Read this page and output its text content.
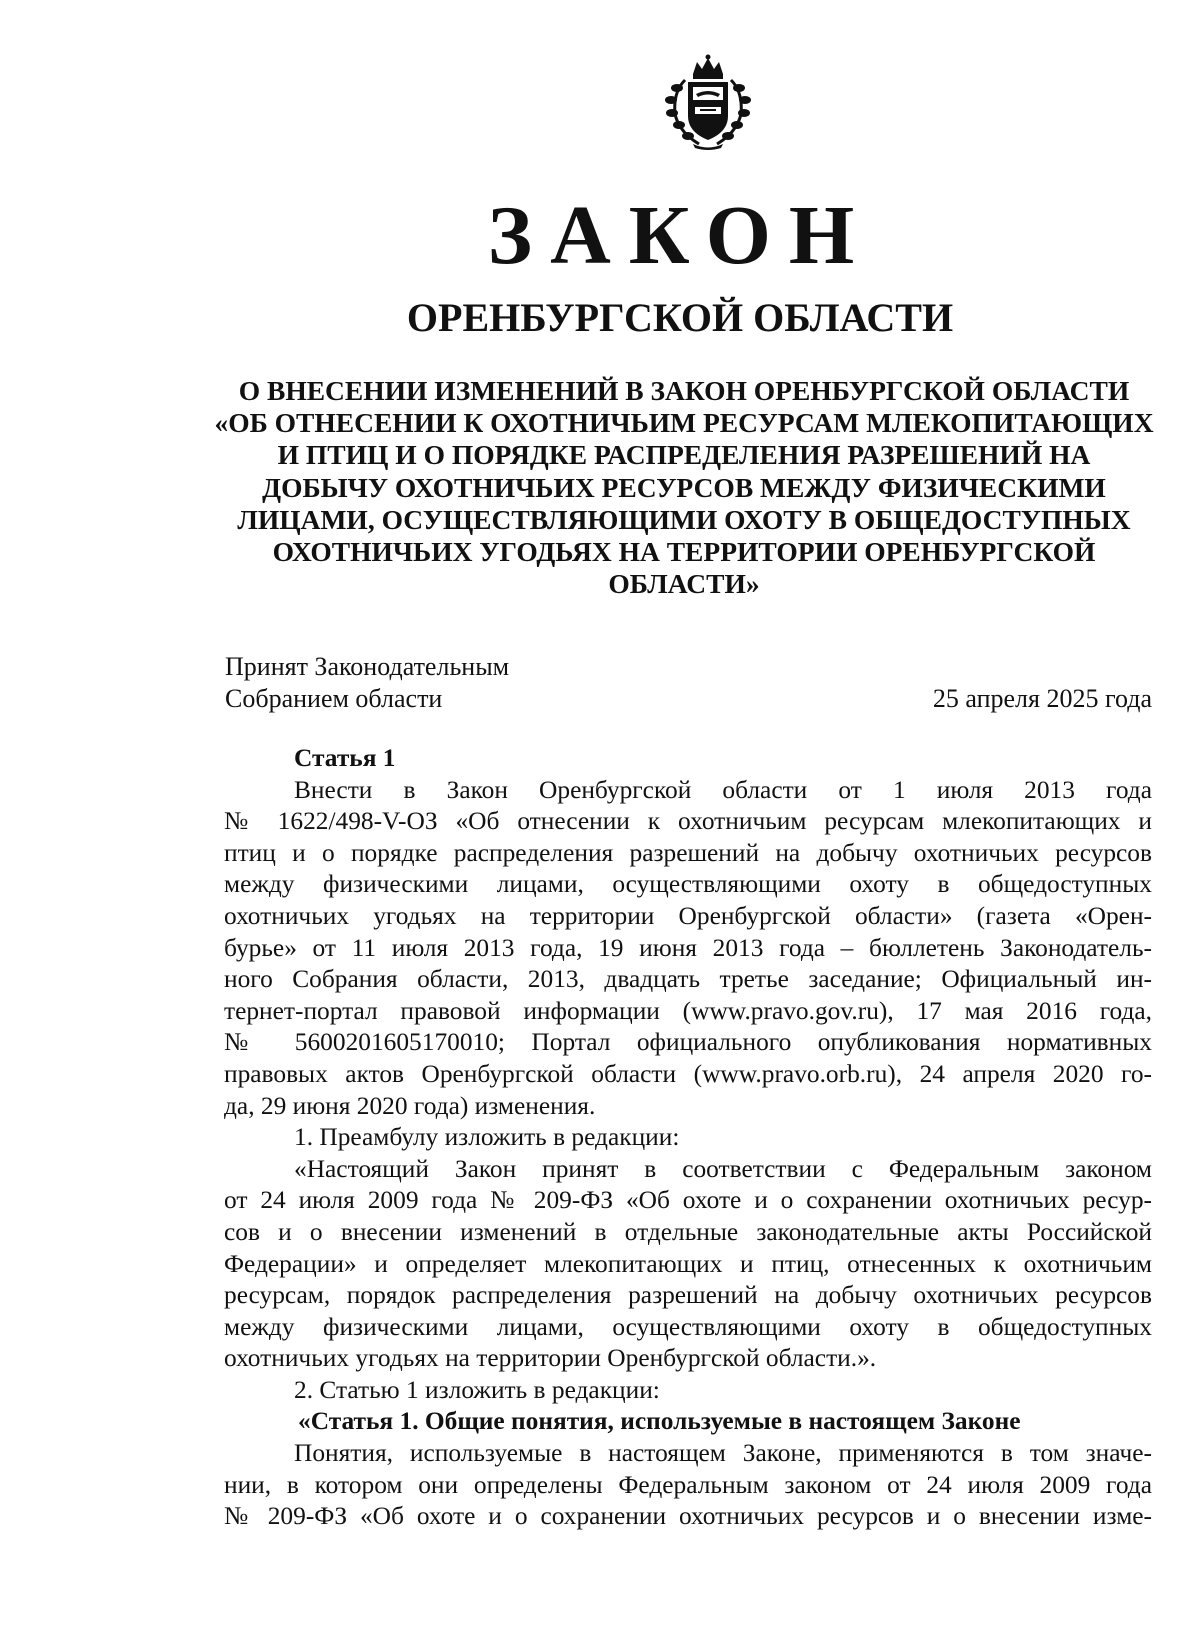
ЗАКОН
ОРЕНБУРГСКОЙ ОБЛАСТИ
О ВНЕСЕНИИ ИЗМЕНЕНИЙ В ЗАКОН ОРЕНБУРГСКОЙ ОБЛАСТИ
«ОБ ОТНЕСЕНИИ К ОХОТНИЧЬИМ РЕСУРСАМ МЛЕКОПИТАЮЩИХ
И ПТИЦ И О ПОРЯДКЕ РАСПРЕДЕЛЕНИЯ РАЗРЕШЕНИЙ НА
ДОБЫЧУ ОХОТНИЧЬИХ РЕСУРСОВ МЕЖДУ ФИЗИЧЕСКИМИ
ЛИЦАМИ, ОСУЩЕСТВЛЯЮЩИМИ ОХОТУ В ОБЩЕДОСТУПНЫХ
ОХОТНИЧЬИХ УГОДЬЯХ НА ТЕРРИТОРИИ ОРЕНБУРГСКОЙ
ОБЛАСТИ»
Принят Законодательным
Собранием области	25 апреля 2025 года
Статья 1
Внести в Закон Оренбургской области от 1 июля 2013 года
№ 1622/498-V-ОЗ «Об отнесении к охотничьим ресурсам млекопитающих и
птиц и о порядке распределения разрешений на добычу охотничьих ресурсов
между физическими лицами, осуществляющими охоту в общедоступных
охотничьих угодьях на территории Оренбургской области» (газета «Орен-
бурье» от 11 июля 2013 года, 19 июня 2013 года – бюллетень Законодатель-
ного Собрания области, 2013, двадцать третье заседание; Официальный ин-
тернет-портал правовой информации (www.pravo.gov.ru), 17 мая 2016 года,
№ 5600201605170010; Портал официального опубликования нормативных
правовых актов Оренбургской области (www.pravo.orb.ru), 24 апреля 2020 го-
да, 29 июня 2020 года) изменения.
1. Преамбулу изложить в редакции:
«Настоящий Закон принят в соответствии с Федеральным законом
от 24 июля 2009 года № 209-ФЗ «Об охоте и о сохранении охотничьих ресур-
сов и о внесении изменений в отдельные законодательные акты Российской
Федерации» и определяет млекопитающих и птиц, отнесенных к охотничьим
ресурсам, порядок распределения разрешений на добычу охотничьих ресурсов
между физическими лицами, осуществляющими охоту в общедоступных
охотничьих угодьях на территории Оренбургской области.».
2. Статью 1 изложить в редакции:
«Статья 1. Общие понятия, используемые в настоящем Законе
Понятия, используемые в настоящем Законе, применяются в том значе-
нии, в котором они определены Федеральным законом от 24 июля 2009 года
№ 209-ФЗ «Об охоте и о сохранении охотничьих ресурсов и о внесении изме-
